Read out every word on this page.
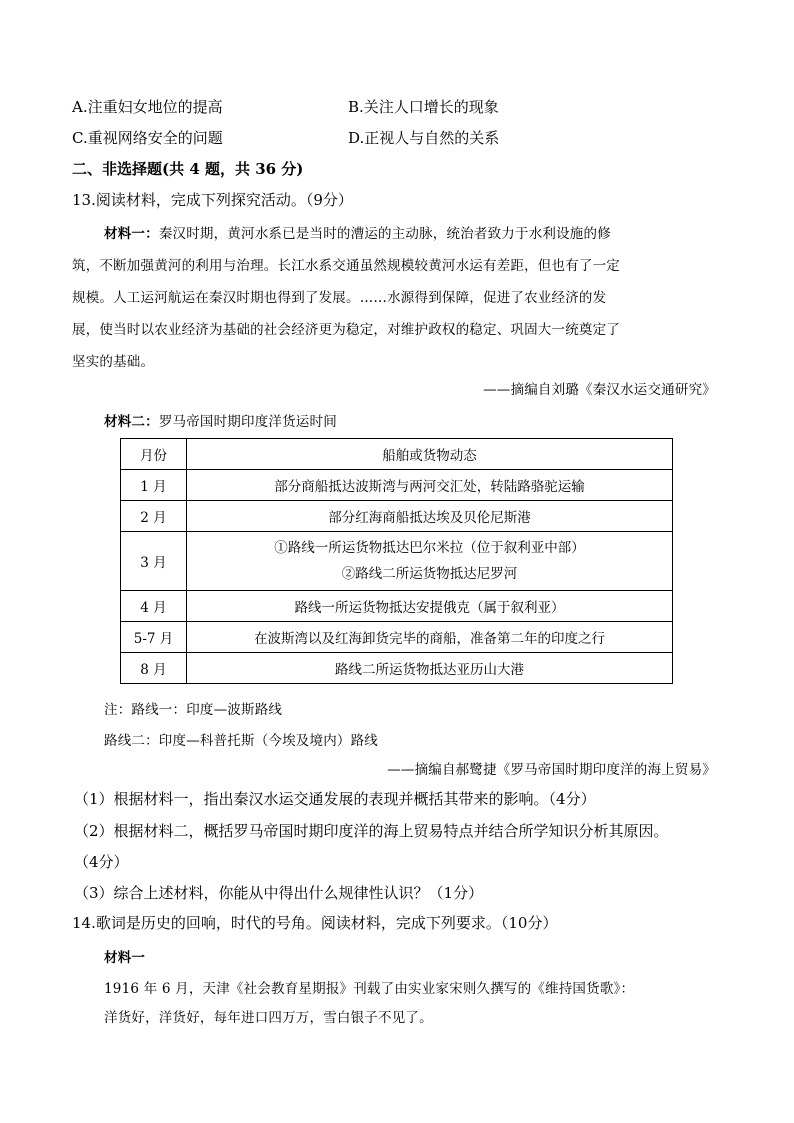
A.注重妇女地位的提高	B.关注人口增长的现象
C.重视网络安全的问题	D.正视人与自然的关系
二、非选择题(共 4 题，共 36 分)
13.阅读材料，完成下列探究活动。（9分）
材料一：秦汉时期，黄河水系已是当时的漕运的主动脉，统治者致力于水利设施的修
筑，不断加强黄河的利用与治理。长江水系交通虽然规模较黄河水运有差距，但也有了一定
规模。人工运河航运在秦汉时期也得到了发展。……水源得到保障，促进了农业经济的发
展，使当时以农业经济为基础的社会经济更为稳定，对维护政权的稳定、巩固大一统奠定了
坚实的基础。
——摘编自刘璐《秦汉水运交通研究》
材料二：罗马帝国时期印度洋货运时间
月份	船舶或货物动态
1 月	部分商船抵达波斯湾与两河交汇处，转陆路骆驼运输
2 月	部分红海商船抵达埃及贝伦尼斯港
3 月	①路线一所运货物抵达巴尔米拉（位于叙利亚中部）
②路线二所运货物抵达尼罗河

4 月	路线一所运货物抵达安提俄克（属于叙利亚）
5-7 月	在波斯湾以及红海卸货完毕的商船，准备第二年的印度之行
8 月	路线二所运货物抵达亚历山大港
注：路线一：印度—波斯路线
路线二：印度—科普托斯（今埃及境内）路线
——摘编自郝鹭捷《罗马帝国时期印度洋的海上贸易》
（1）根据材料一，指出秦汉水运交通发展的表现并概括其带来的影响。（4分）
（2）根据材料二，概括罗马帝国时期印度洋的海上贸易特点并结合所学知识分析其原因。
（4分）
（3）综合上述材料，你能从中得出什么规律性认识？（1分）
14.歌词是历史的回响，时代的号角。阅读材料，完成下列要求。（10分）
材料一
1916 年 6 月，天津《社会教育星期报》刊载了由实业家宋则久撰写的《维持国货歌》：
洋货好，洋货好，每年进口四万万，雪白银子不见了。
